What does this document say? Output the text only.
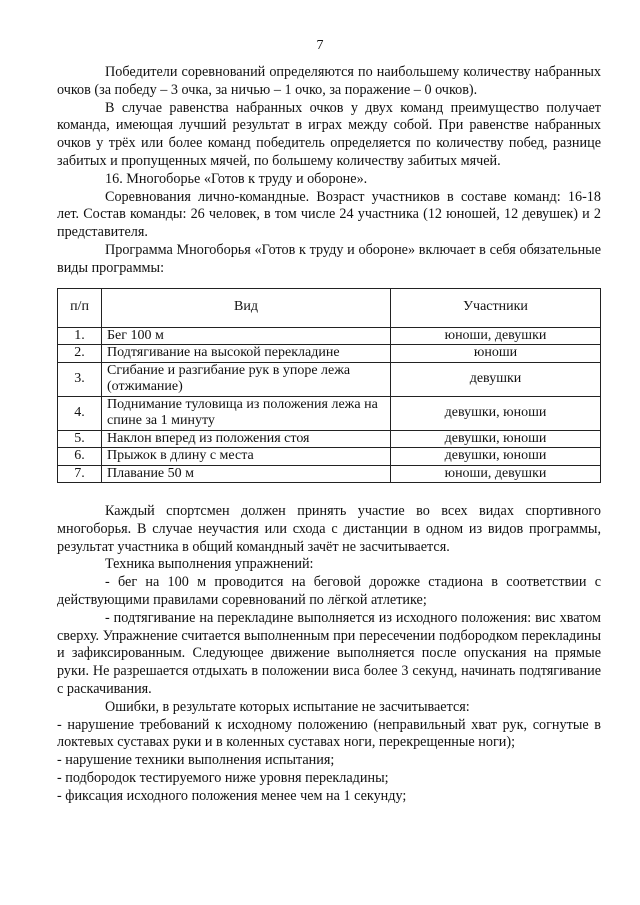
7

Победители соревнований определяются по наибольшему количеству набранных очков (за победу – 3 очка, за ничью – 1 очко, за поражение – 0 очков).

В случае равенства набранных очков у двух команд преимущество получает команда, имеющая лучший результат в играх между собой. При равенстве набранных очков у трёх или более команд победитель определяется по количеству побед, разнице забитых и пропущенных мячей, по большему количеству забитых мячей.

16. Многоборье «Готов к труду и обороне».

Соревнования лично-командные. Возраст участников в составе команд: 16-18 лет. Состав команды: 26 человек, в том числе 24 участника (12 юношей, 12 девушек) и 2 представителя.

Программа Многоборья «Готов к труду и обороне» включает в себя обязательные виды программы:

п/п	Вид	Участники
1.	Бег 100 м	юноши, девушки
2.	Подтягивание на высокой перекладине	юноши
3.	Сгибание и разгибание рук в упоре лежа (отжимание)	девушки
4.	Поднимание туловища из положения лежа на спине за 1 минуту	девушки, юноши
5.	Наклон вперед из положения стоя	девушки, юноши
6.	Прыжок в длину с места	девушки, юноши
7.	Плавание 50 м	юноши, девушки

Каждый спортсмен должен принять участие во всех видах спортивного многоборья. В случае неучастия или схода с дистанции в одном из видов программы, результат участника в общий командный зачёт не засчитывается.

Техника выполнения упражнений:

- бег на 100 м проводится на беговой дорожке стадиона в соответствии с действующими правилами соревнований по лёгкой атлетике;

- подтягивание на перекладине выполняется из исходного положения: вис хватом сверху. Упражнение считается выполненным при пересечении подбородком перекладины и зафиксированным. Следующее движение выполняется после опускания на прямые руки. Не разрешается отдыхать в положении виса более 3 секунд, начинать подтягивание с раскачивания.

Ошибки, в результате которых испытание не засчитывается:

- нарушение требований к исходному положению (неправильный хват рук, согнутые в локтевых суставах руки и в коленных суставах ноги, перекрещенные ноги);

- нарушение техники выполнения испытания;

- подбородок тестируемого ниже уровня перекладины;

- фиксация исходного положения менее чем на 1 секунду;
